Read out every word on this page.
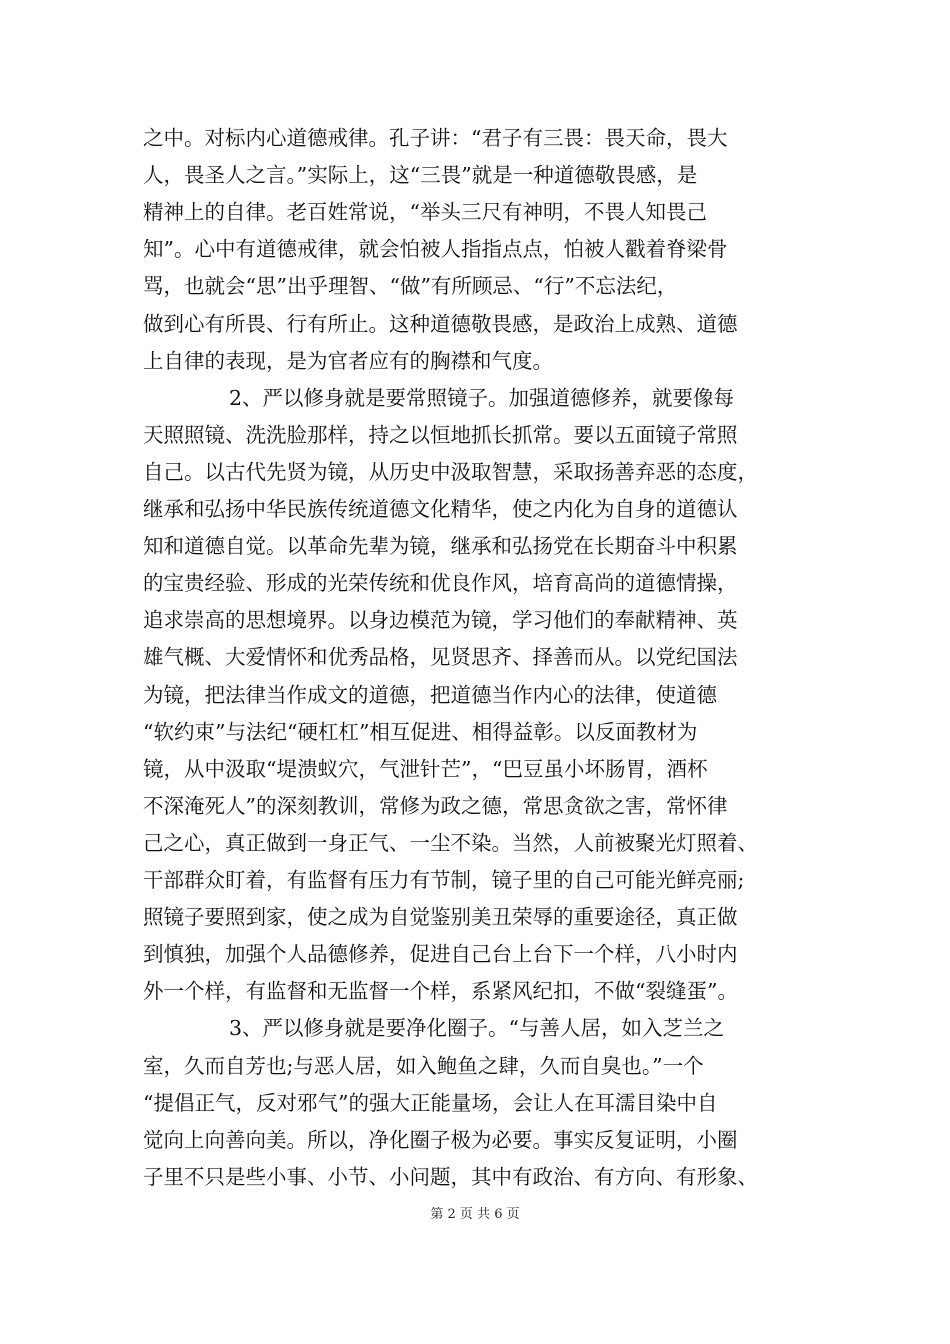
之中。对标内心道德戒律。孔子讲：“君子有三畏：畏天命，畏大
人，畏圣人之言。”实际上，这“三畏”就是一种道德敬畏感，是
精神上的自律。老百姓常说，“举头三尺有神明，不畏人知畏己
知”。心中有道德戒律，就会怕被人指指点点，怕被人戳着脊梁骨
骂，也就会“思”出乎理智、“做”有所顾忌、“行”不忘法纪，
做到心有所畏、行有所止。这种道德敬畏感，是政治上成熟、道德
上自律的表现，是为官者应有的胸襟和气度。
2、严以修身就是要常照镜子。加强道德修养，就要像每
天照照镜、洗洗脸那样，持之以恒地抓长抓常。要以五面镜子常照
自己。以古代先贤为镜，从历史中汲取智慧，采取扬善弃恶的态度，
继承和弘扬中华民族传统道德文化精华，使之内化为自身的道德认
知和道德自觉。以革命先辈为镜，继承和弘扬党在长期奋斗中积累
的宝贵经验、形成的光荣传统和优良作风，培育高尚的道德情操，
追求崇高的思想境界。以身边模范为镜，学习他们的奉献精神、英
雄气概、大爱情怀和优秀品格，见贤思齐、择善而从。以党纪国法
为镜，把法律当作成文的道德，把道德当作内心的法律，使道德
“软约束”与法纪“硬杠杠”相互促进、相得益彰。以反面教材为
镜，从中汲取“堤溃蚁穴，气泄针芒”，“巴豆虽小坏肠胃，酒杯
不深淹死人”的深刻教训，常修为政之德，常思贪欲之害，常怀律
己之心，真正做到一身正气、一尘不染。当然，人前被聚光灯照着、
干部群众盯着，有监督有压力有节制，镜子里的自己可能光鲜亮丽;
照镜子要照到家，使之成为自觉鉴别美丑荣辱的重要途径，真正做
到慎独，加强个人品德修养，促进自己台上台下一个样，八小时内
外一个样，有监督和无监督一个样，系紧风纪扣，不做“裂缝蛋”。
3、严以修身就是要净化圈子。“与善人居，如入芝兰之
室，久而自芳也;与恶人居，如入鲍鱼之肆，久而自臭也。”一个
“提倡正气，反对邪气”的强大正能量场，会让人在耳濡目染中自
觉向上向善向美。所以，净化圈子极为必要。事实反复证明，小圈
子里不只是些小事、小节、小问题，其中有政治、有方向、有形象、
第 2 页 共 6 页
